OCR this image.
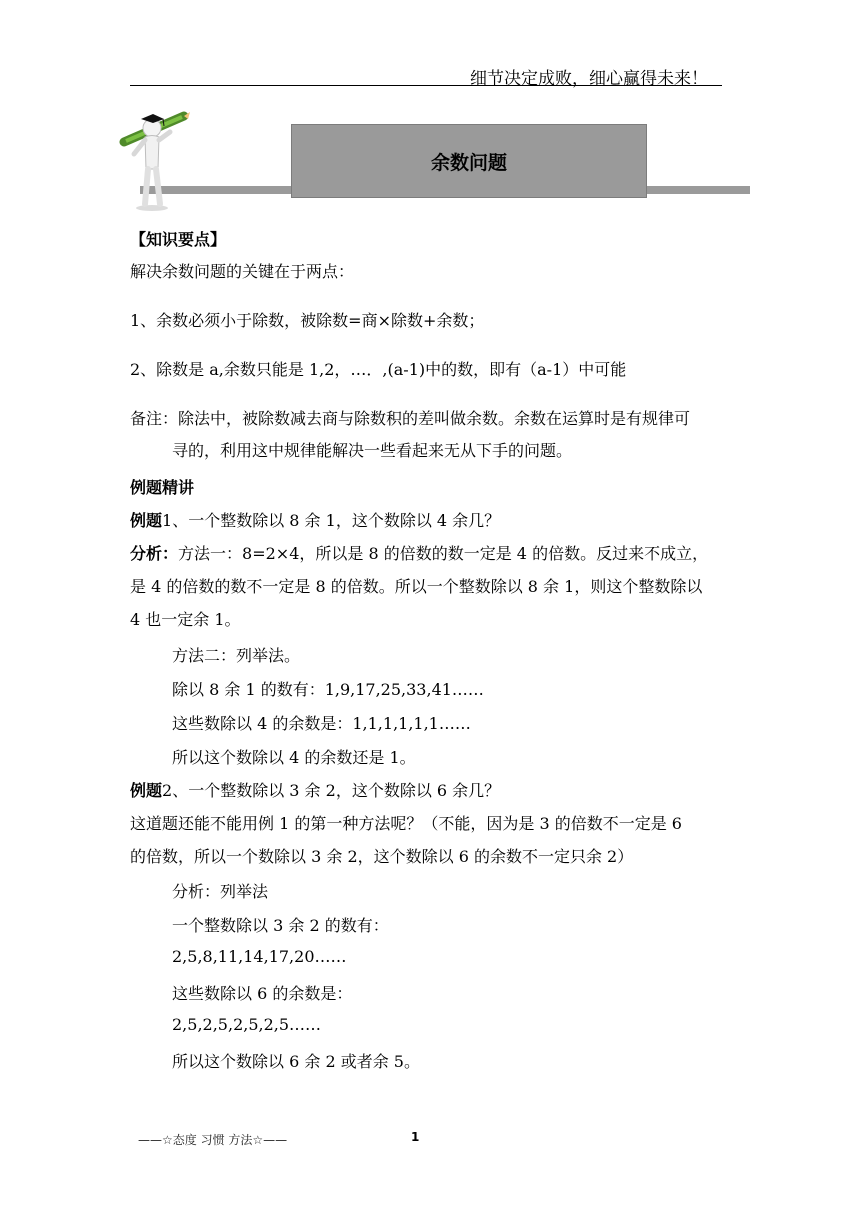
细节决定成败，细心赢得未来！
余数问题
【知识要点】
解决余数问题的关键在于两点：
1、余数必须小于除数，被除数=商×除数+余数；
2、除数是 a,余数只能是 1,2，…．,(a-1)中的数，即有（a-1）中可能
备注：除法中，被除数减去商与除数积的差叫做余数。余数在运算时是有规律可
寻的，利用这中规律能解决一些看起来无从下手的问题。
例题精讲
例题1、一个整数除以 8 余 1，这个数除以 4 余几？
分析：方法一：8=2×4，所以是 8 的倍数的数一定是 4 的倍数。反过来不成立，
是 4 的倍数的数不一定是 8 的倍数。所以一个整数除以 8 余 1，则这个整数除以
4 也一定余 1。
方法二：列举法。
除以 8 余 1 的数有：1,9,17,25,33,41……
这些数除以 4 的余数是：1,1,1,1,1,1……
所以这个数除以 4 的余数还是 1。
例题2、一个整数除以 3 余 2，这个数除以 6 余几？
这道题还能不能用例 1 的第一种方法呢？（不能，因为是 3 的倍数不一定是 6
的倍数，所以一个数除以 3 余 2，这个数除以 6 的余数不一定只余 2）
分析：列举法
一个整数除以 3 余 2 的数有：
2,5,8,11,14,17,20……
这些数除以 6 的余数是：
2,5,2,5,2,5,2,5……
所以这个数除以 6 余 2 或者余 5。
——☆态度 习惯 方法☆——	1
